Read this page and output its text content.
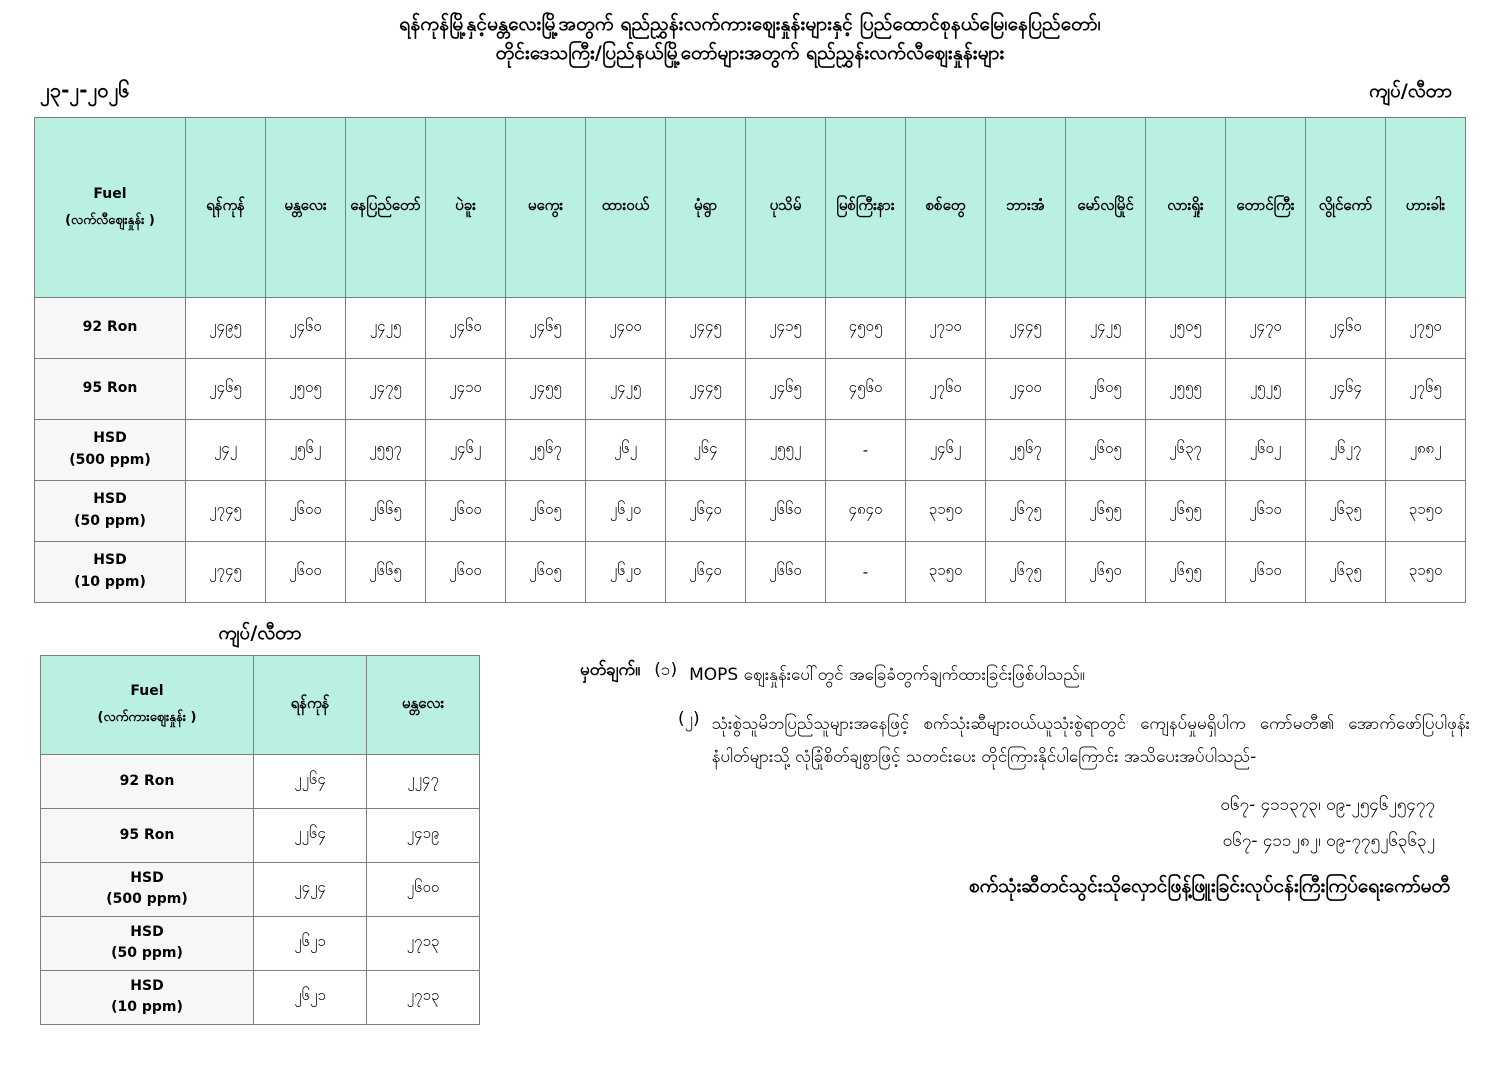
ရန်ကုန်မြို့နှင့်မန္တလေးမြို့အတွက် ရည်ညွှန်းလက်ကားဈေးနှုန်းများနှင့် ပြည်ထောင်စုနယ်မြေ၊နေပြည်တော်၊
တိုင်းဒေသကြီး/ပြည်နယ်မြို့တော်များအတွက် ရည်ညွှန်းလက်လီဈေးနှုန်းများ
၂၃-၂-၂၀၂၆	ကျပ်/လီတာ
Fuel
(လက်လီဈေးနှုန်း )	ရန်ကုန်	မန္တလေး	နေပြည်တော်	ပဲခူး	မကွေး	ထားဝယ်	မုံရွာ	ပုသိမ်	မြစ်ကြီးနား	စစ်တွေ	ဘားအံ	မော်လမြိုင်	လားရှိုး	တောင်ကြီး	လွိုင်ကော်	ဟားခါး
92 Ron	၂၄၉၅	၂၄၆၀	၂၄၂၅	၂၄၆၀	၂၄၆၅	၂၄၀၀	၂၄၄၅	၂၄၁၅	၄၅၀၅	၂၇၁၀	၂၄၄၅	၂၄၂၅	၂၅၀၅	၂၄၇၀	၂၄၆၀	၂၇၅၀
95 Ron	၂၄၆၅	၂၅၀၅	၂၄၇၅	၂၄၁၀	၂၄၅၅	၂၄၂၅	၂၄၄၅	၂၄၆၅	၄၅၆၀	၂၇၆၀	၂၄၀၀	၂၆၀၅	၂၅၅၅	၂၅၂၅	၂၄၆၄	၂၇၆၅
HSD
(500 ppm)	၂၄၂	၂၅၆၂	၂၅၅၇	၂၄၆၂	၂၅၆၇	၂၆၂	၂၆၄	၂၅၅၂	-	၂၄၆၂	၂၅၆၇	၂၆၀၅	၂၆၃၇	၂၆၀၂	၂၆၂၇	၂၈၈၂
HSD
(50 ppm)	၂၇၄၅	၂၆၀၀	၂၆၆၅	၂၆၀၀	၂၆၀၅	၂၆၂၀	၂၆၄၀	၂၆၆၀	၄၈၄၀	၃၁၅၀	၂၆၇၅	၂၆၅၅	၂၆၅၅	၂၆၁၀	၂၆၃၅	၃၁၅၀
HSD
(10 ppm)	၂၇၄၅	၂၆၀၀	၂၆၆၅	၂၆၀၀	၂၆၀၅	၂၆၂၀	၂၆၄၀	၂၆၆၀	-	၃၁၅၀	၂၆၇၅	၂၆၅၀	၂၆၅၅	၂၆၁၀	၂၆၃၅	၃၁၅၀
ကျပ်/လီတာ
Fuel
(လက်ကားဈေးနှုန်း )	ရန်ကုန်	မန္တလေး
92 Ron	၂၂၆၄	၂၂၄၇
95 Ron	၂၂၆၄	၂၄၁၉
HSD
(500 ppm)	၂၄၂၄	၂၆၀၀
HSD
(50 ppm)	၂၆၂၁	၂၇၁၃
HSD
(10 ppm)	၂၆၂၁	၂၇၁၃
မှတ်ချက်။ (၁) MOPS ဈေးနှုန်းပေါ်တွင် အခြေခံတွက်ချက်ထားခြင်းဖြစ်ပါသည်။
(၂) သုံးစွဲသူမိဘပြည်သူများအနေဖြင့် စက်သုံးဆီများဝယ်ယူသုံးစွဲရာတွင် ကျေနပ်မှုမရှိပါက ကော်မတီ၏ အောက်ဖော်ပြပါဖုန်းနံပါတ်များသို့ လုံခြုံစိတ်ချစွာဖြင့် သတင်းပေး တိုင်ကြားနိုင်ပါကြောင်း အသိပေးအပ်ပါသည်-
၀၆၇- ၄၁၁၃၇၃၊ ၀၉-၂၅၄၆၂၅၄၇၇
၀၆၇- ၄၁၁၂၈၂၊ ၀၉-၇၇၅၂၆၃၆၃၂
စက်သုံးဆီတင်သွင်းသိုလှောင်ဖြန့်ဖြူးခြင်းလုပ်ငန်းကြီးကြပ်ရေးကော်မတီ
